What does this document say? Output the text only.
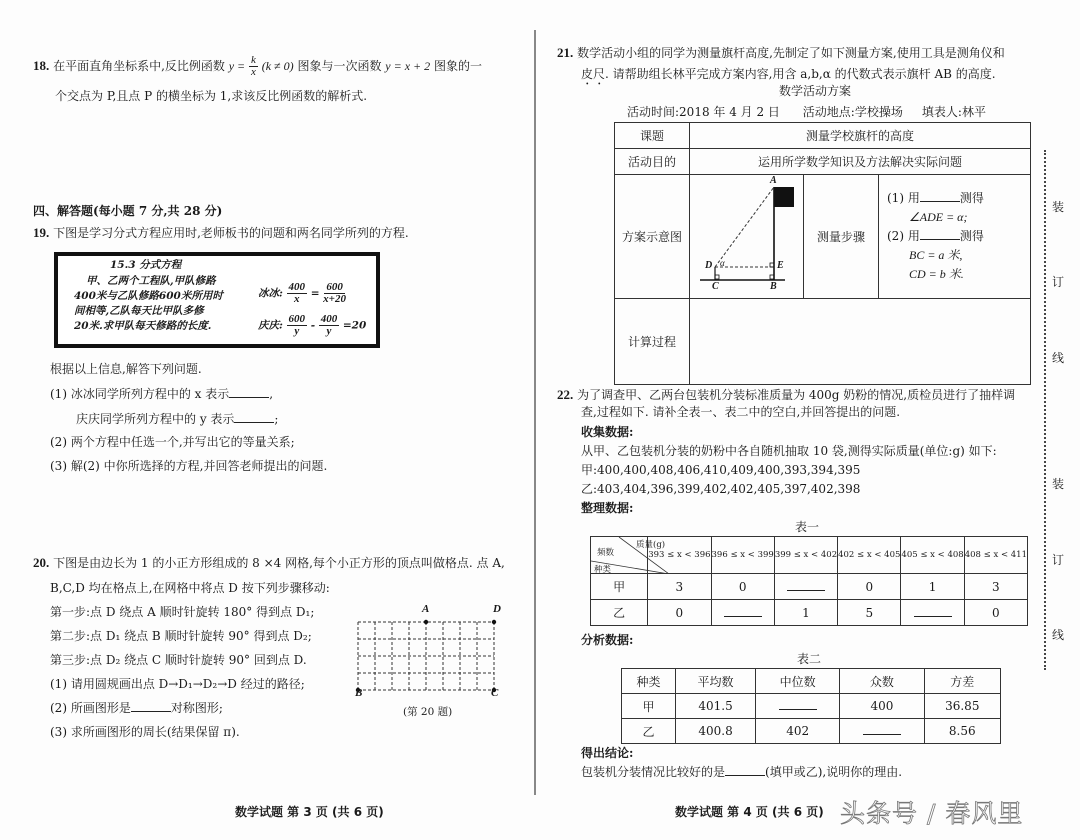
18. 在平面直角坐标系中,反比例函数 $y = \frac{k}{x} (k \ne 0)$ 图象与一次函数 y = x + 2 图象的一
个交点为 P,且点 P 的横坐标为 1,求该反比例函数的解析式.
四、解答题(每小题 7 分,共 28 分)
19. 下图是学习分式方程应用时,老师板书的问题和两名同学所列的方程.
15.3 分式方程
甲、乙两个工程队,甲队修路
400米与乙队修路600米所用时
间相等,乙队每天比甲队多修
20米.求甲队每天修路的长度.
冰冰: $\frac{400}{x} = \frac{600}{x+20}$
庆庆: $\frac{600}{y} - \frac{400}{y} =20$
根据以上信息,解答下列问题.
(1) 冰冰同学所列方程中的 x 表示	,
庆庆同学所列方程中的 y 表示	;
(2) 两个方程中任选一个,并写出它的等量关系;
(3) 解(2) 中你所选择的方程,并回答老师提出的问题.
20. 下图是由边长为 1 的小正方形组成的 8 ×4 网格,每个小正方形的顶点叫做格点. 点 A,
B,C,D 均在格点上,在网格中将点 D 按下列步骤移动:
第一步:点 D 绕点 A 顺时针旋转 180° 得到点 D₁;
第二步:点 D₁ 绕点 B 顺时针旋转 90° 得到点 D₂;
第三步:点 D₂ 绕点 C 顺时针旋转 90° 回到点 D.
(1) 请用圆规画出点 D→D₁→D₂→D 经过的路径;
(2) 所画图形是	对称图形;
(3) 求所画图形的周长(结果保留 π).
A	D
B	C
(第 20 题)
数学试题 第 3 页 (共 6 页)
21. 数学活动小组的同学为测量旗杆高度,先制定了如下测量方案,使用工具是测角仪和
皮尺. 请帮助组长林平完成方案内容,用含 a,b,α 的代数式表示旗杆 AB 的高度.
数学活动方案
活动时间:2018 年 4 月 2 日      活动地点:学校操场     填表人:林平
课题	测量学校旗杆的高度		
活动目的	运用所学数学知识及方法解决实际问题		
方案示意图	
A
D α	E
C	B
	测量步骤	
(1) 用	测得
∠ADE = α;
(2) 用	测得
BC = a 米,
CD = b 米.

计算过程			
22. 为了调查甲、乙两台包装机分装标准质量为 400g 奶粉的情况,质检员进行了抽样调
查,过程如下. 请补全表一、表二中的空白,并回答提出的问题.
收集数据:
从甲、乙包装机分装的奶粉中各自随机抽取 10 袋,测得实际质量(单位:g) 如下:
甲:400,400,408,406,410,409,400,393,394,395
乙:403,404,396,399,402,402,405,397,402,398
整理数据:
表一
质量(g)
频数
种类	393 ≤ x < 396	396 ≤ x < 399	399 ≤ x < 402	402 ≤ x < 405	405 ≤ x < 408	408 ≤ x < 411
甲	3	0		0	1	3
乙	0		1	5		0
分析数据:
表二
种类	平均数	中位数	众数	方差
甲	401.5		400	36.85
乙	400.8	402		8.56
得出结论:
包装机分装情况比较好的是	(填甲或乙),说明你的理由.
装
订
线
装
订
线
数学试题 第 4 页 (共 6 页) 头条号 / 春风里
